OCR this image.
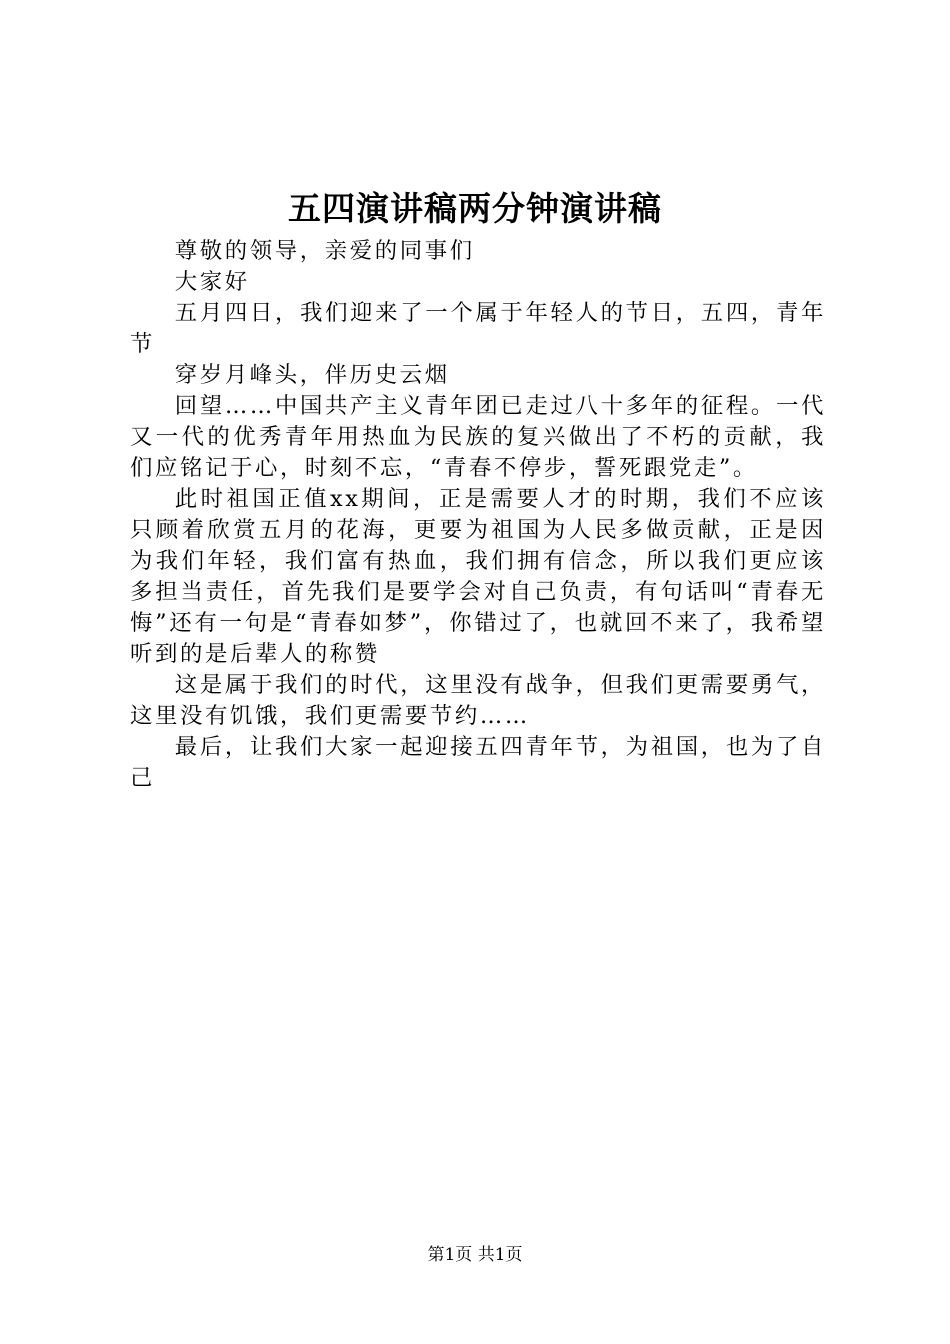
五四演讲稿两分钟演讲稿

尊敬的领导，亲爱的同事们

大家好

五月四日，我们迎来了一个属于年轻人的节日，五四，青年节

穿岁月峰头，伴历史云烟

回望……中国共产主义青年团已走过八十多年的征程。一代又一代的优秀青年用热血为民族的复兴做出了不朽的贡献，我们应铭记于心，时刻不忘，“青春不停步，誓死跟党走”。

此时祖国正值xx期间，正是需要人才的时期，我们不应该只顾着欣赏五月的花海，更要为祖国为人民多做贡献，正是因为我们年轻，我们富有热血，我们拥有信念，所以我们更应该多担当责任，首先我们是要学会对自己负责，有句话叫“青春无悔”还有一句是“青春如梦”，你错过了，也就回不来了，我希望听到的是后辈人的称赞

这是属于我们的时代，这里没有战争，但我们更需要勇气，这里没有饥饿，我们更需要节约……

最后，让我们大家一起迎接五四青年节，为祖国，也为了自己

第1页 共1页
